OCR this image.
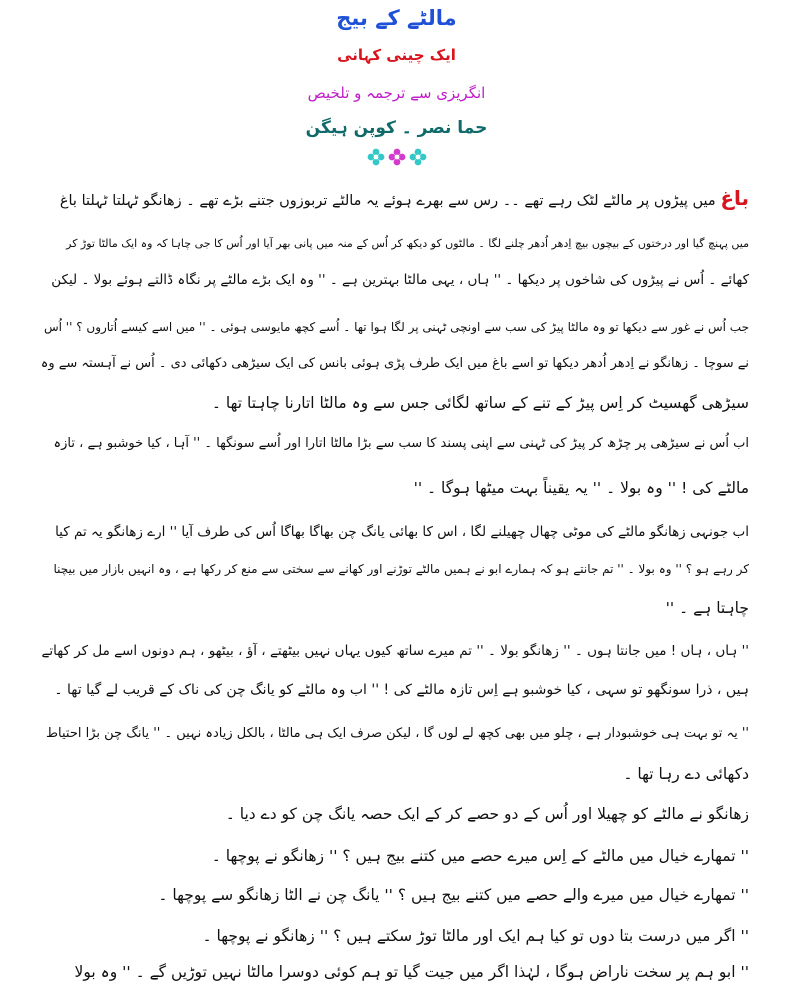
مالٹے کے بیج
ایک چینی کہانی
انگریزی سے ترجمہ و تلخیص
حما نصر ۔ کوپن ہیگن
باغ میں پیڑوں پر مالٹے لٹک رہے تھے ۔۔ رس سے بھرے ہوئے یہ مالٹے تربوزوں جتنے بڑے تھے ۔ زھانگو ٹہلتا ٹہلتا باغ
میں پہنچ گیا اور درختوں کے بیچوں بیچ اِدھر اُدھر چلنے لگا ۔ مالٹوں کو دیکھ کر اُس کے منہ میں پانی بھر آیا اور اُس کا جی چاہا کہ وہ ایک مالٹا توڑ کر
کھائے ۔ اُس نے پیڑوں کی شاخوں پر دیکھا ۔ '' ہاں ، یہی مالٹا بہترین ہے ۔ '' وہ ایک بڑے مالٹے پر نگاہ ڈالتے ہوئے بولا ۔ لیکن
جب اُس نے غور سے دیکھا تو وہ مالٹا پیڑ کی سب سے اونچی ٹہنی پر لگا ہوا تھا ۔ اُسے کچھ مایوسی ہوئی ۔ '' میں اسے کیسے اُتاروں ؟ '' اُس
نے سوچا ۔ زھانگو نے اِدھر اُدھر دیکھا تو اسے باغ میں ایک طرف پڑی ہوئی بانس کی ایک سیڑھی دکھائی دی ۔ اُس نے آہستہ سے وہ
سیڑھی گھسیٹ کر اِس پیڑ کے تنے کے ساتھ لگائی جس سے وہ مالٹا اتارنا چاہتا تھا ۔
اب اُس نے سیڑھی پر چڑھ کر پیڑ کی ٹہنی سے اپنی پسند کا سب سے بڑا مالٹا اتارا اور اُسے سونگھا ۔ '' آہا ، کیا خوشبو ہے ، تازہ
مالٹے کی ! '' وہ بولا ۔ '' یہ یقیناً بہت میٹھا ہوگا ۔ ''
اب جونہی زھانگو مالٹے کی موٹی چھال چھیلنے لگا ، اس کا بھائی یانگ چن بھاگا بھاگا اُس کی طرف آیا '' ارے زھانگو یہ تم کیا
کر رہے ہو ؟ '' وہ بولا ۔ '' تم جانتے ہو کہ ہمارے ابو نے ہمیں مالٹے توڑنے اور کھانے سے سختی سے منع کر رکھا ہے ، وہ انہیں بازار میں بیچنا
چاہتا ہے ۔ ''
'' ہاں ، ہاں ! میں جانتا ہوں ۔ '' زھانگو بولا ۔ '' تم میرے ساتھ کیوں یہاں نہیں بیٹھتے ، آؤ ، بیٹھو ، ہم دونوں اسے مل کر کھاتے
ہیں ، ذرا سونگھو تو سہی ، کیا خوشبو ہے اِس تازہ مالٹے کی ! '' اب وہ مالٹے کو یانگ چن کی ناک کے قریب لے گیا تھا ۔
'' یہ تو بہت ہی خوشبودار ہے ، چلو میں بھی کچھ لے لوں گا ، لیکن صرف ایک ہی مالٹا ، بالکل زیادہ نہیں ۔ '' یانگ چن بڑا احتیاط
دکھائی دے رہا تھا ۔
زھانگو نے مالٹے کو چھیلا اور اُس کے دو حصے کر کے ایک حصہ یانگ چن کو دے دیا ۔
'' تمھارے خیال میں مالٹے کے اِس میرے حصے میں کتنے بیج ہیں ؟ '' زھانگو نے پوچھا ۔
'' تمھارے خیال میں میرے والے حصے میں کتنے بیج ہیں ؟ '' یانگ چن نے الٹا زھانگو سے پوچھا ۔
'' اگر میں درست بتا دوں تو کیا ہم ایک اور مالٹا توڑ سکتے ہیں ؟ '' زھانگو نے پوچھا ۔
'' ابو ہم پر سخت ناراض ہوگا ، لہٰذا اگر میں جیت گیا تو ہم کوئی دوسرا مالٹا نہیں توڑیں گے ۔ '' وہ بولا
